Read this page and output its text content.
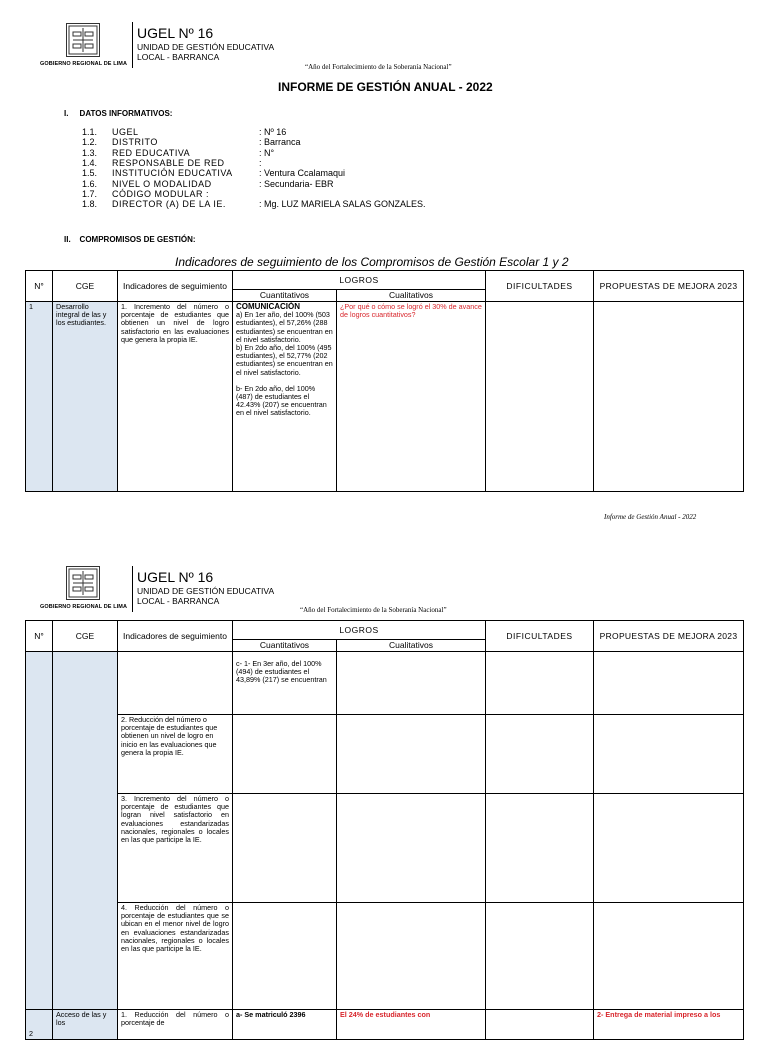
GOBIERNO REGIONAL DE LIMA
UGEL Nº 16
UNIDAD DE GESTIÓN EDUCATIVA
LOCAL - BARRANCA
“Año del Fortalecimiento de la Soberanía Nacional”
INFORME DE GESTIÓN ANUAL - 2022
I.     DATOS INFORMATIVOS:
1.1. UGEL	: Nº 16
1.2. DISTRITO	: Barranca
1.3. RED EDUCATIVA	: N°
1.4. RESPONSABLE DE RED	:
1.5. INSTITUCIÓN EDUCATIVA	: Ventura Ccalamaqui
1.6. NIVEL O MODALIDAD	: Secundaria- EBR
1.7. CÓDIGO MODULAR :
1.8. DIRECTOR (A) DE LA IE.	: Mg. LUZ MARIELA SALAS GONZALES.
II.    COMPROMISOS DE GESTIÓN:
Indicadores de seguimiento de los Compromisos de Gestión Escolar 1 y 2
N°	CGE	Indicadores de seguimiento	LOGROS		DIFICULTADES	PROPUESTAS DE MEJORA 2023
			Cuantitativos	Cualitativos		
1	Desarrollo integral de las y los estudiantes.	1. Incremento del número o porcentaje de estudiantes que obtienen un nivel de logro satisfactorio en las evaluaciones que genera la propia IE.	COMUNICACIÓN
a) En 1er año, del 100% (503 estudiantes), el 57,26% (288 estudiantes) se encuentran en el nivel satisfactorio.
b) En 2do año, del 100% (495 estudiantes), el 52,77% (202 estudiantes) se encuentran en el nivel satisfactorio.
b- En 2do año, del 100% (487) de estudiantes el 42.43% (207) se encuentran en el nivel satisfactorio.	¿Por qué o cómo se logró el 30% de avance de logros cuantitativos?		
Informe de Gestión Anual - 2022
GOBIERNO REGIONAL DE LIMA
UGEL Nº 16
UNIDAD DE GESTIÓN EDUCATIVA
LOCAL - BARRANCA
“Año del Fortalecimiento de la Soberanía Nacional”
N°	CGE	Indicadores de seguimiento	LOGROS		DIFICULTADES	PROPUESTAS DE MEJORA 2023
			Cuantitativos	Cualitativos		
			c- 1- En 3er año, del 100% (494) de estudiantes el 43,89% (217) se encuentran			
		2. Reducción del número o porcentaje de estudiantes que obtienen un nivel de logro en inicio en las evaluaciones que genera la propia IE.				
		3. Incremento del número o porcentaje de estudiantes que logran nivel satisfactorio en evaluaciones estandarizadas nacionales, regionales o locales en las que participe la IE.				
		4. Reducción del número o porcentaje de estudiantes que se ubican en el menor nivel de logro en evaluaciones estandarizadas nacionales, regionales o locales en las que participe la IE.				
2	Acceso de las y los	1. Reducción del número o porcentaje de	a- Se matriculó 2396	El 24% de estudiantes con		2- Entrega de material impreso a los
